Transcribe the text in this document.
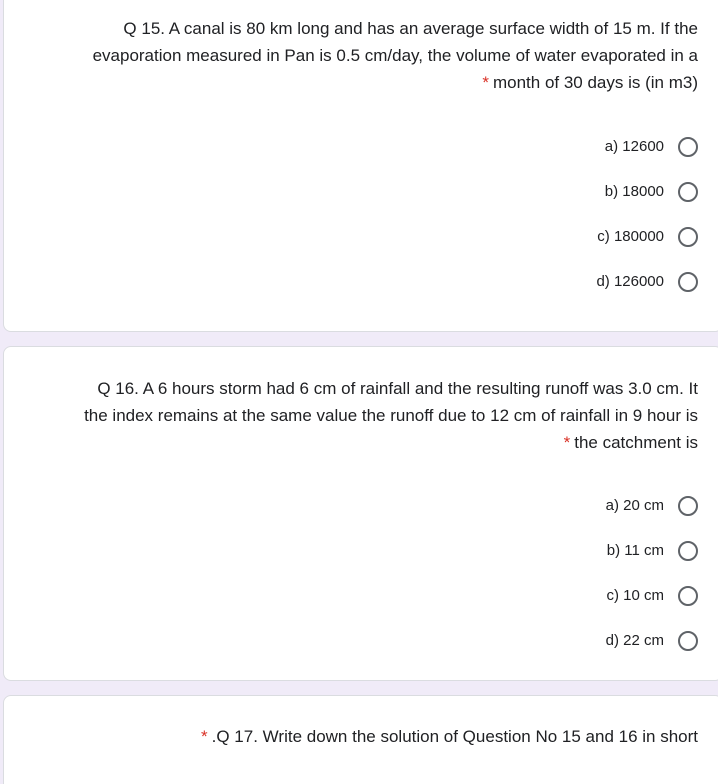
Q 15. A canal is 80 km long and has an average surface width of 15 m. If the
evaporation measured in Pan is 0.5 cm/day, the volume of water evaporated in a
* month of 30 days is (in m3)
a) 12600
b) 18000
c) 180000
d) 126000
Q 16. A 6 hours storm had 6 cm of rainfall and the resulting runoff was 3.0 cm. It
the index remains at the same value the runoff due to 12 cm of rainfall in 9 hour is
* the catchment is
a) 20 cm
b) 11 cm
c) 10 cm
d) 22 cm
* .Q 17. Write down the solution of Question No 15 and 16 in short
